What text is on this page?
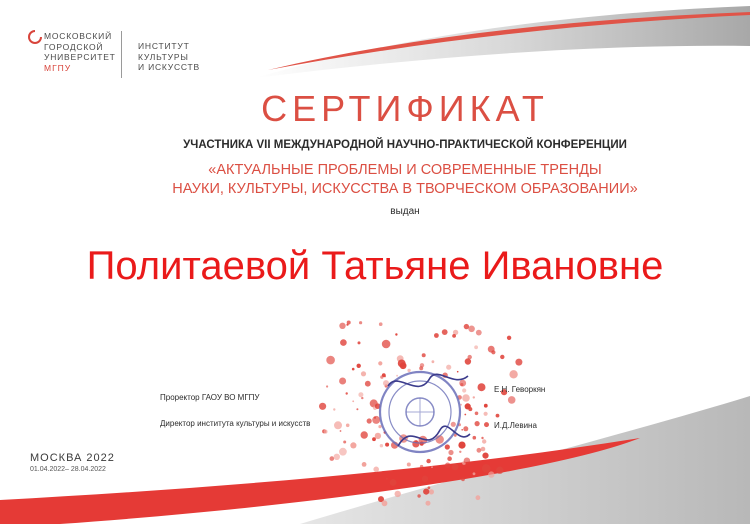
МОСКОВСКИЙ
ГОРОДСКОЙ
УНИВЕРСИТЕТ
МГПУ
ИНСТИТУТ
КУЛЬТУРЫ
И ИСКУССТВ
СЕРТИФИКАТ
УЧАСТНИКА VII МЕЖДУНАРОДНОЙ НАУЧНО-ПРАКТИЧЕСКОЙ КОНФЕРЕНЦИИ
«АКТУАЛЬНЫЕ ПРОБЛЕМЫ И СОВРЕМЕННЫЕ ТРЕНДЫ
НАУКИ, КУЛЬТУРЫ, ИСКУССТВА В ТВОРЧЕСКОМ ОБРАЗОВАНИИ»
выдан
Политаевой Татьяне Ивановне
Проректор ГАОУ ВО МГПУ
Е.Н. Геворкян
Директор института культуры и искусств	И.Д.Левина
МОСКВА 2022
01.04.2022– 28.04.2022
